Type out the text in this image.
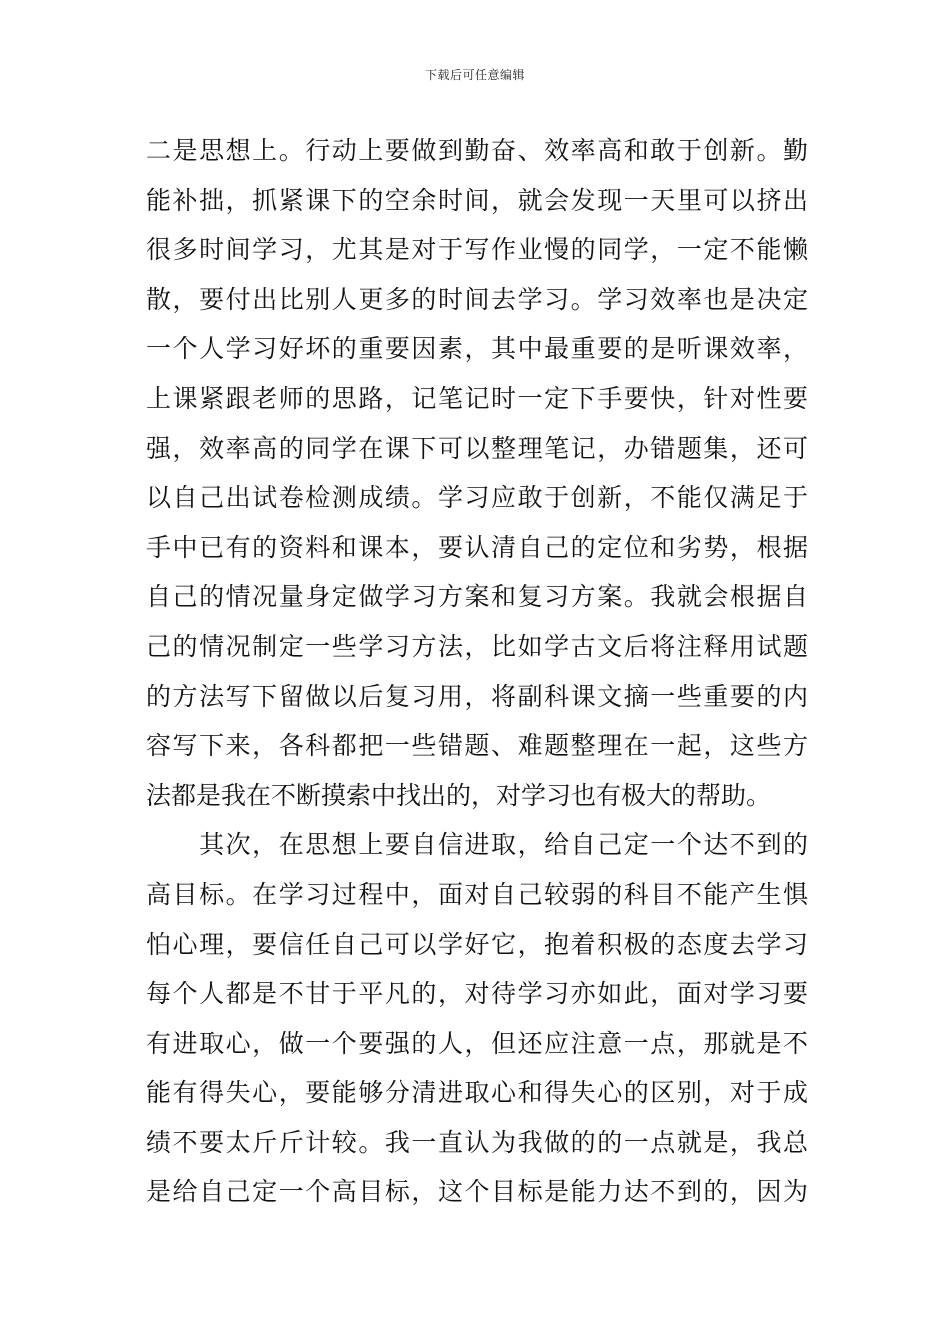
下载后可任意编辑
二是思想上。行动上要做到勤奋、效率高和敢于创新。勤
能补拙，抓紧课下的空余时间，就会发现一天里可以挤出
很多时间学习，尤其是对于写作业慢的同学，一定不能懒
散，要付出比别人更多的时间去学习。学习效率也是决定
一个人学习好坏的重要因素，其中最重要的是听课效率，
上课紧跟老师的思路，记笔记时一定下手要快，针对性要
强，效率高的同学在课下可以整理笔记，办错题集，还可
以自己出试卷检测成绩。学习应敢于创新，不能仅满足于
手中已有的资料和课本，要认清自己的定位和劣势，根据
自己的情况量身定做学习方案和复习方案。我就会根据自
己的情况制定一些学习方法，比如学古文后将注释用试题
的方法写下留做以后复习用，将副科课文摘一些重要的内
容写下来，各科都把一些错题、难题整理在一起，这些方
法都是我在不断摸索中找出的，对学习也有极大的帮助。
　　其次，在思想上要自信进取，给自己定一个达不到的
高目标。在学习过程中，面对自己较弱的科目不能产生惧
怕心理，要信任自己可以学好它，抱着积极的态度去学习
每个人都是不甘于平凡的，对待学习亦如此，面对学习要
有进取心，做一个要强的人，但还应注意一点，那就是不
能有得失心，要能够分清进取心和得失心的区别，对于成
绩不要太斤斤计较。我一直认为我做的的一点就是，我总
是给自己定一个高目标，这个目标是能力达不到的，因为
